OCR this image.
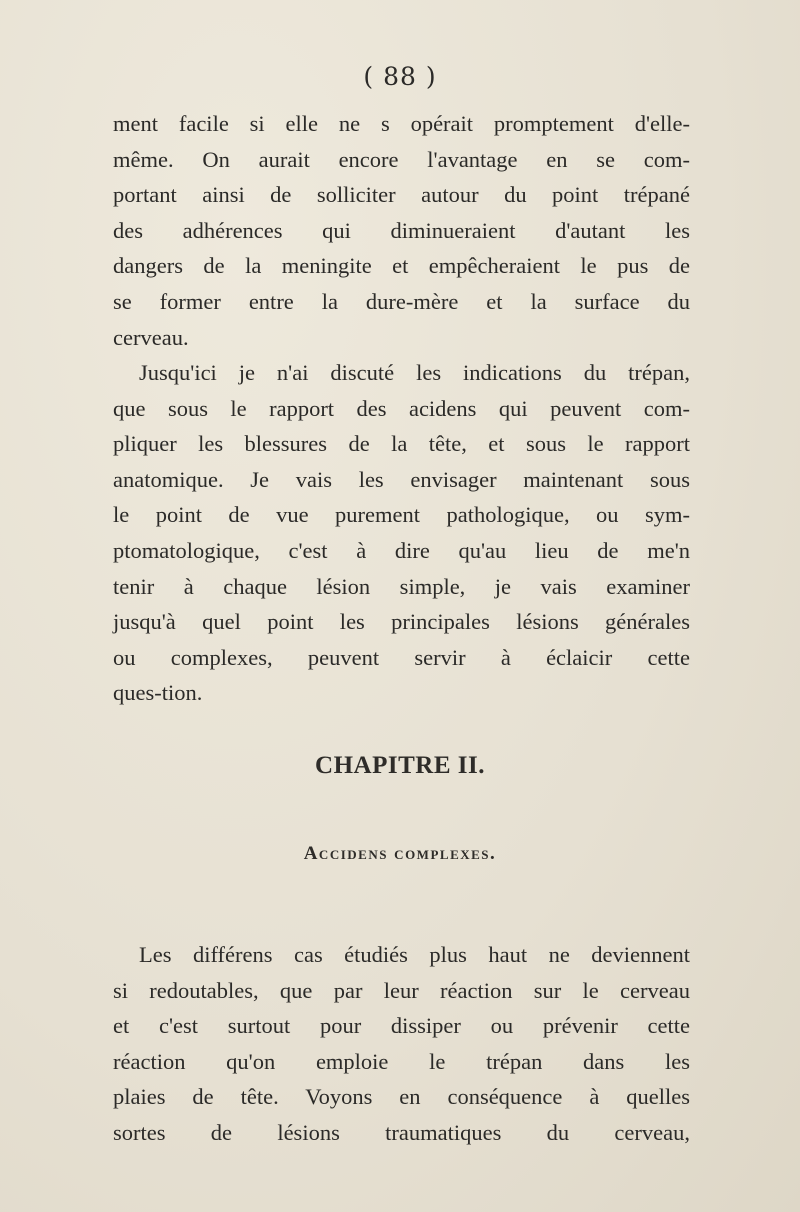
( 88 )
ment facile si elle ne s opérait promptement d'elle-
même. On aurait encore l'avantage en se com-
portant ainsi de solliciter autour du point trépané
des adhérences qui diminueraient d'autant les
dangers de la meningite et empêcheraient le pus de
se former entre la dure-mère et la surface du
cerveau.
Jusqu'ici je n'ai discuté les indications du trépan,
que sous le rapport des acidens qui peuvent com-
pliquer les blessures de la tête, et sous le rapport
anatomique. Je vais les envisager maintenant sous
le point de vue purement pathologique, ou sym-
ptomatologique, c'est à dire qu'au lieu de me'n
tenir à chaque lésion simple, je vais examiner
jusqu'à quel point les principales lésions générales
ou complexes, peuvent servir à éclaicir cette
ques-tion.
CHAPITRE II.
Accidens complexes.
Les différens cas étudiés plus haut ne deviennent
si redoutables, que par leur réaction sur le cerveau
et c'est surtout pour dissiper ou prévenir cette
réaction qu'on emploie le trépan dans les
plaies de tête. Voyons en conséquence à quelles
sortes de lésions traumatiques du cerveau,
